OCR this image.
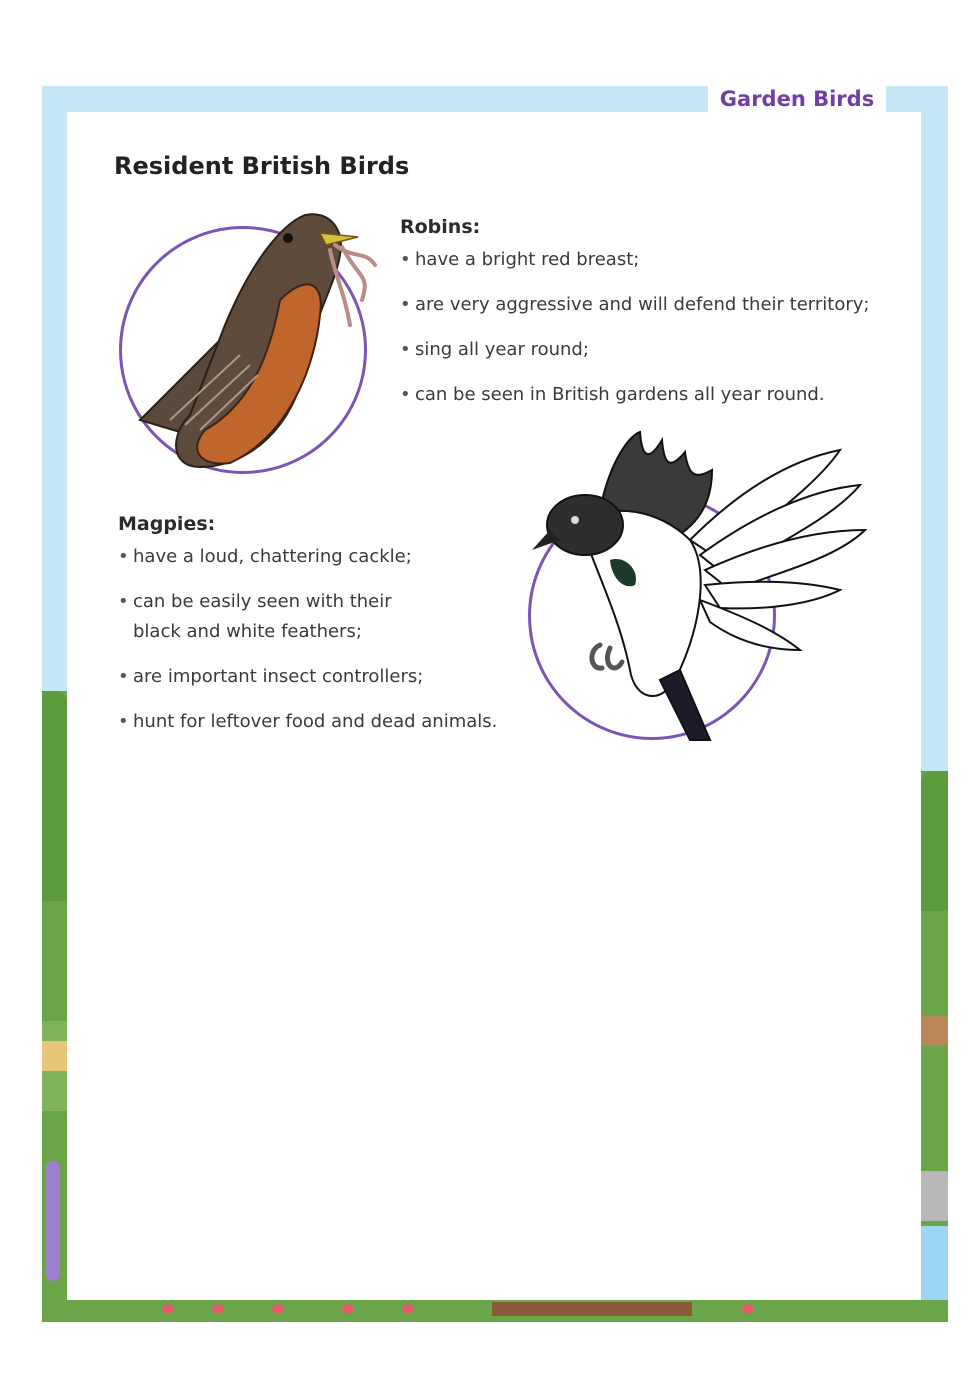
Garden Birds
Resident British Birds
Robins:
• have a bright red breast;
• are very aggressive and will defend their territory;
• sing all year round;
• can be seen in British gardens all year round.
Magpies:
• have a loud, chattering cackle;
• can be easily seen with their black and white feathers;
• are important insect controllers;
• hunt for leftover food and dead animals.
